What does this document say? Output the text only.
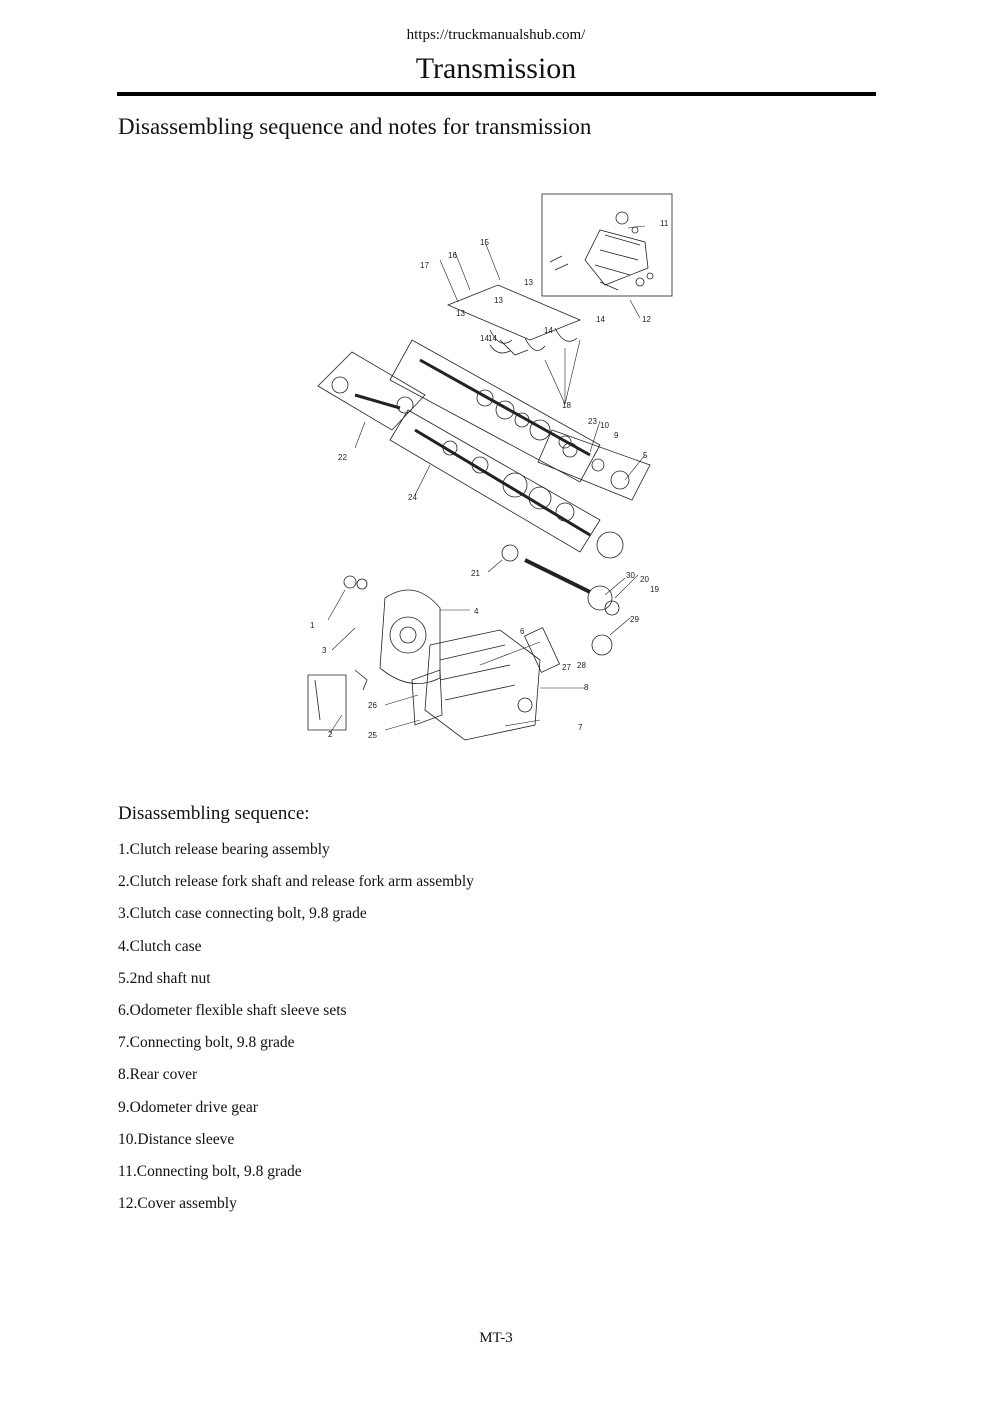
https://truckmanualshub.com/
Transmission
Disassembling sequence and notes for transmission
1
2
3
4
5
6
7
8
9
10
11
12
13
13
14
14
14
15
16
17
18
19
20
21
22
23
24
25
26
27 28
29
30
13
14
Disassembling sequence:
1.Clutch release bearing assembly
2.Clutch release fork shaft and release fork arm assembly
3.Clutch case connecting bolt, 9.8 grade
4.Clutch case
5.2nd shaft nut
6.Odometer flexible shaft sleeve sets
7.Connecting bolt, 9.8 grade
8.Rear cover
9.Odometer drive gear
10.Distance sleeve
11.Connecting bolt, 9.8 grade
12.Cover assembly
MT-3
